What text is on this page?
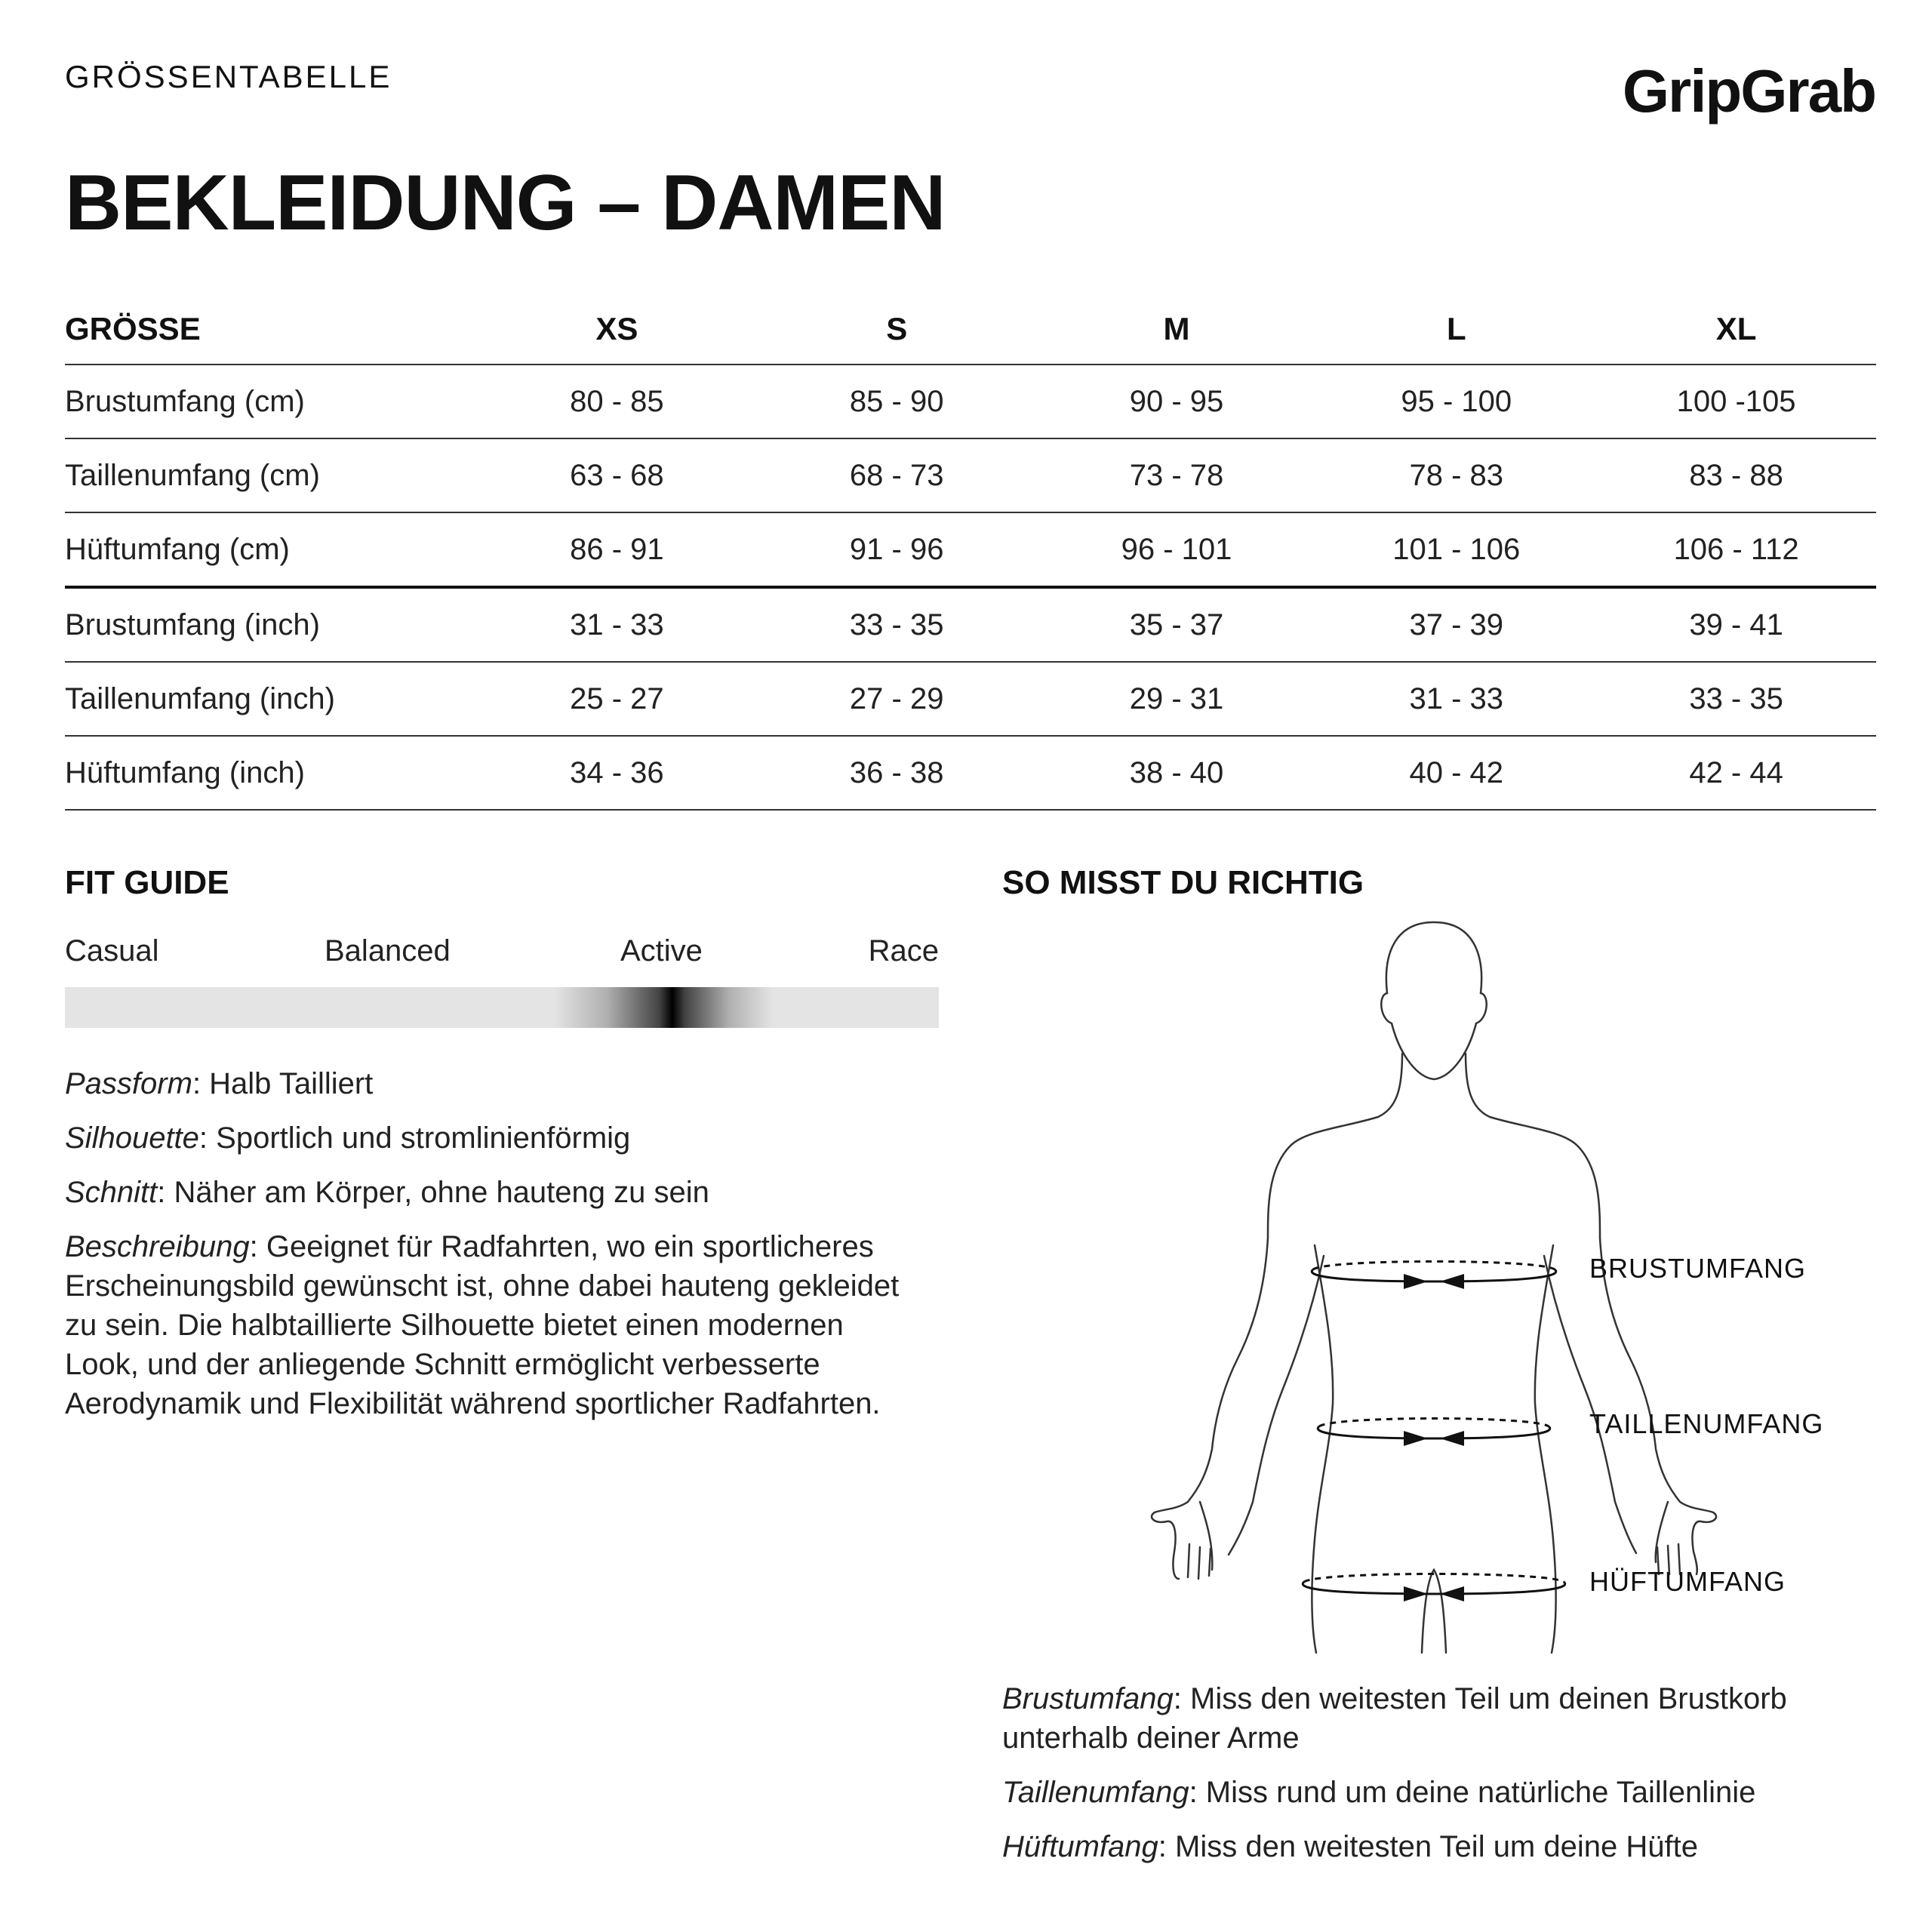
GRÖSSENTABELLE	GripGrab
BEKLEIDUNG – DAMEN
GRÖSSE	XS	S	M	L	XL
Brustumfang (cm)	80 - 85	85 - 90	90 - 95	95 - 100	100 -105
Taillenumfang (cm)	63 - 68	68 - 73	73 - 78	78 - 83	83 - 88
Hüftumfang (cm)	86 - 91	91 - 96	96 - 101	101 - 106	106 - 112
Brustumfang (inch)	31 - 33	33 - 35	35 - 37	37 - 39	39 - 41
Taillenumfang (inch)	25 - 27	27 - 29	29 - 31	31 - 33	33 - 35
Hüftumfang (inch)	34 - 36	36 - 38	38 - 40	40 - 42	42 - 44
FIT GUIDE
Casual	Balanced	Active	Race

Passform: Halb Tailliert

Silhouette: Sportlich und stromlinienförmig

Schnitt: Näher am Körper, ohne hauteng zu sein

Beschreibung: Geeignet für Radfahrten, wo ein sportlicheres Erscheinungsbild gewünscht ist, ohne dabei hauteng gekleidet zu sein. Die halbtaillierte Silhouette bietet einen modernen Look, und der anliegende Schnitt ermöglicht verbesserte Aerodynamik und Flexibilität während sportlicher Radfahrten.

SO MISST DU RICHTIG
BRUSTUMFANG
TAILLENUMFANG
HÜFTUMFANG

Brustumfang: Miss den weitesten Teil um deinen Brustkorb unterhalb deiner Arme

Taillenumfang: Miss rund um deine natürliche Taillenlinie

Hüftumfang: Miss den weitesten Teil um deine Hüfte
